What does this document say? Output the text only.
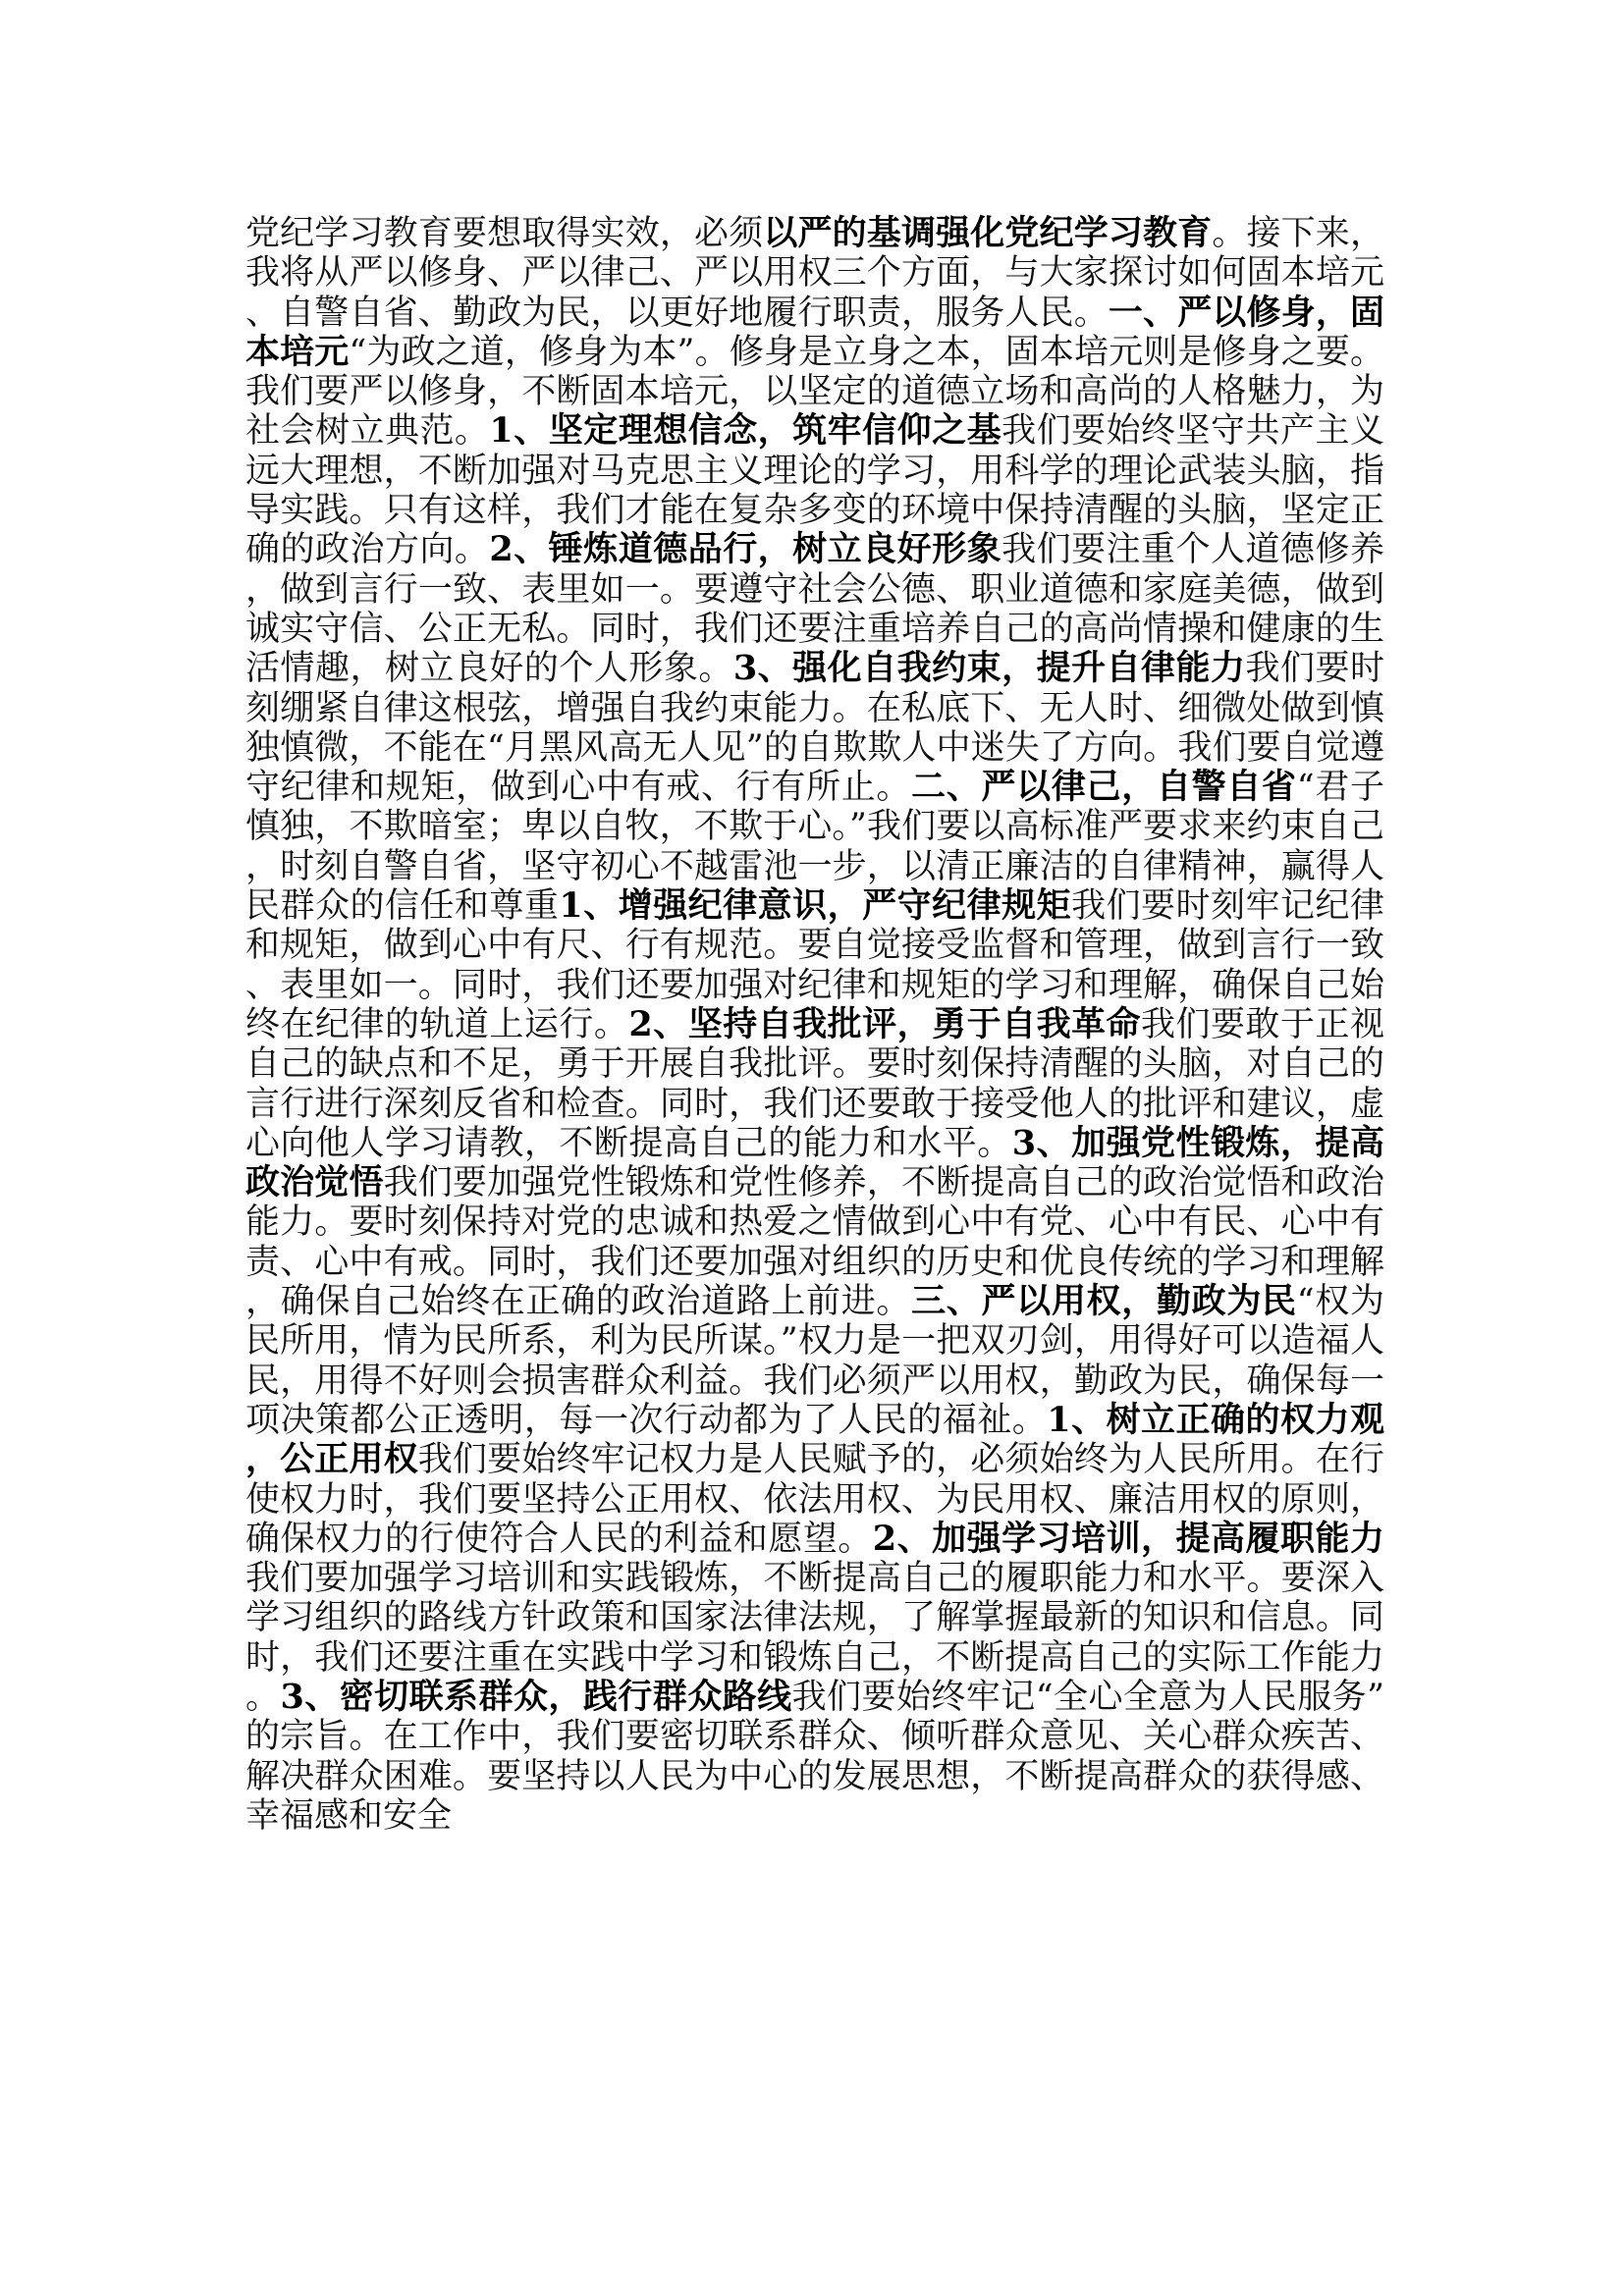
党纪学习教育要想取得实效，必须以严的基调强化党纪学习教育。接下来，我将从严以修身、严以律己、严以用权三个方面，与大家探讨如何固本培元、自警自省、勤政为民，以更好地履行职责，服务人民。一、严以修身，固本培元“为政之道，修身为本”。修身是立身之本，固本培元则是修身之要。我们要严以修身，不断固本培元，以坚定的道德立场和高尚的人格魅力，为社会树立典范。1、坚定理想信念，筑牢信仰之基我们要始终坚守共产主义远大理想，不断加强对马克思主义理论的学习，用科学的理论武装头脑，指导实践。只有这样，我们才能在复杂多变的环境中保持清醒的头脑，坚定正确的政治方向。2、锤炼道德品行，树立良好形象我们要注重个人道德修养，做到言行一致、表里如一。要遵守社会公德、职业道德和家庭美德，做到诚实守信、公正无私。同时，我们还要注重培养自己的高尚情操和健康的生活情趣，树立良好的个人形象。3、强化自我约束，提升自律能力我们要时刻绷紧自律这根弦，增强自我约束能力。在私底下、无人时、细微处做到慎独慎微，不能在“月黑风高无人见”的自欺欺人中迷失了方向。我们要自觉遵守纪律和规矩，做到心中有戒、行有所止。二、严以律己，自警自省“君子慎独，不欺暗室；卑以自牧，不欺于心。”我们要以高标准严要求来约束自己，时刻自警自省，坚守初心不越雷池一步，以清正廉洁的自律精神，赢得人民群众的信任和尊重1、增强纪律意识，严守纪律规矩我们要时刻牢记纪律和规矩，做到心中有尺、行有规范。要自觉接受监督和管理，做到言行一致、表里如一。同时，我们还要加强对纪律和规矩的学习和理解，确保自己始终在纪律的轨道上运行。2、坚持自我批评，勇于自我革命我们要敢于正视自己的缺点和不足，勇于开展自我批评。要时刻保持清醒的头脑，对自己的言行进行深刻反省和检查。同时，我们还要敢于接受他人的批评和建议，虚心向他人学习请教，不断提高自己的能力和水平。3、加强党性锻炼，提高政治觉悟我们要加强党性锻炼和党性修养，不断提高自己的政治觉悟和政治能力。要时刻保持对党的忠诚和热爱之情做到心中有党、心中有民、心中有责、心中有戒。同时，我们还要加强对组织的历史和优良传统的学习和理解，确保自己始终在正确的政治道路上前进。三、严以用权，勤政为民“权为民所用，情为民所系，利为民所谋。”权力是一把双刃剑，用得好可以造福人民，用得不好则会损害群众利益。我们必须严以用权，勤政为民，确保每一项决策都公正透明，每一次行动都为了人民的福祉。1、树立正确的权力观，公正用权我们要始终牢记权力是人民赋予的，必须始终为人民所用。在行使权力时，我们要坚持公正用权、依法用权、为民用权、廉洁用权的原则，确保权力的行使符合人民的利益和愿望。2、加强学习培训，提高履职能力我们要加强学习培训和实践锻炼，不断提高自己的履职能力和水平。要深入学习组织的路线方针政策和国家法律法规，了解掌握最新的知识和信息。同时，我们还要注重在实践中学习和锻炼自己，不断提高自己的实际工作能力。3、密切联系群众，践行群众路线我们要始终牢记“全心全意为人民服务”的宗旨。在工作中，我们要密切联系群众、倾听群众意见、关心群众疾苦、解决群众困难。要坚持以人民为中心的发展思想，不断提高群众的获得感、幸福感和安全
